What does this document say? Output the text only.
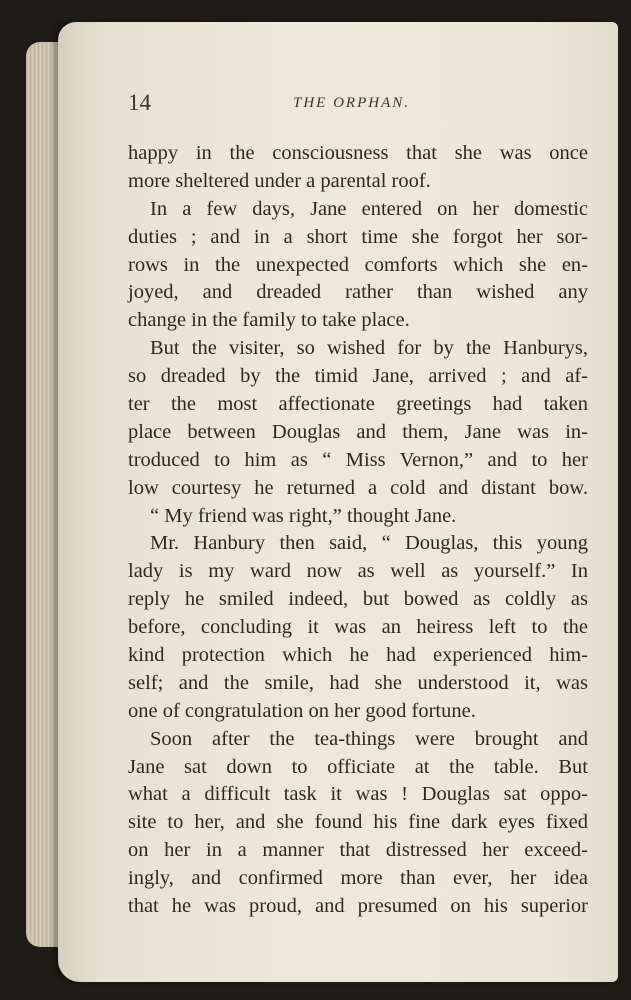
14	THE ORPHAN.
happy in the consciousness that she was once
more sheltered under a parental roof.
In a few days, Jane entered on her domestic
duties ; and in a short time she forgot her sor-
rows in the unexpected comforts which she en-
joyed, and dreaded rather than wished any
change in the family to take place.
But the visiter, so wished for by the Hanburys,
so dreaded by the timid Jane, arrived ; and af-
ter the most affectionate greetings had taken
place between Douglas and them, Jane was in-
troduced to him as “ Miss Vernon,” and to her
low courtesy he returned a cold and distant bow.
“ My friend was right,” thought Jane.
Mr. Hanbury then said, “ Douglas, this young
lady is my ward now as well as yourself.” In
reply he smiled indeed, but bowed as coldly as
before, concluding it was an heiress left to the
kind protection which he had experienced him-
self; and the smile, had she understood it, was
one of congratulation on her good fortune.
Soon after the tea-things were brought and
Jane sat down to officiate at the table. But
what a difficult task it was ! Douglas sat oppo-
site to her, and she found his fine dark eyes fixed
on her in a manner that distressed her exceed-
ingly, and confirmed more than ever, her idea
that he was proud, and presumed on his superior
